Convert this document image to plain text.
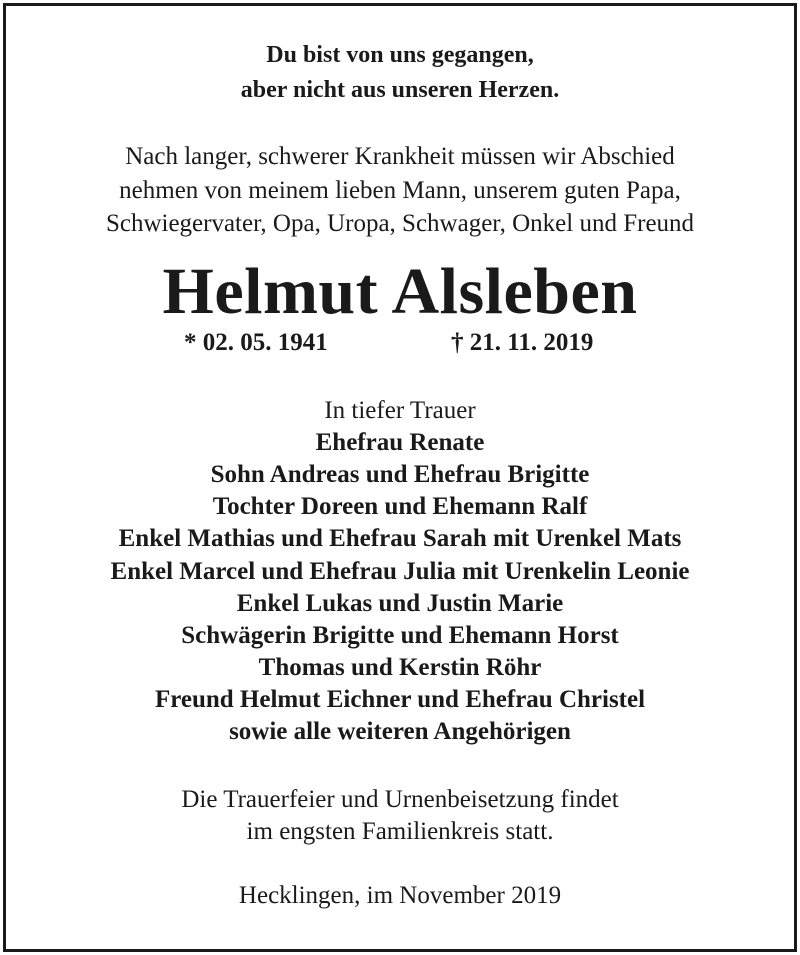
Du bist von uns gegangen,
aber nicht aus unseren Herzen.
Nach langer, schwerer Krankheit müssen wir Abschied
nehmen von meinem lieben Mann, unserem guten Papa,
Schwiegervater, Opa, Uropa, Schwager, Onkel und Freund
Helmut Alsleben
* 02. 05. 1941	† 21. 11. 2019
In tiefer Trauer
Ehefrau Renate
Sohn Andreas und Ehefrau Brigitte
Tochter Doreen und Ehemann Ralf
Enkel Mathias und Ehefrau Sarah mit Urenkel Mats
Enkel Marcel und Ehefrau Julia mit Urenkelin Leonie
Enkel Lukas und Justin Marie
Schwägerin Brigitte und Ehemann Horst
Thomas und Kerstin Röhr
Freund Helmut Eichner und Ehefrau Christel
sowie alle weiteren Angehörigen
Die Trauerfeier und Urnenbeisetzung findet
im engsten Familienkreis statt.
Hecklingen, im November 2019
